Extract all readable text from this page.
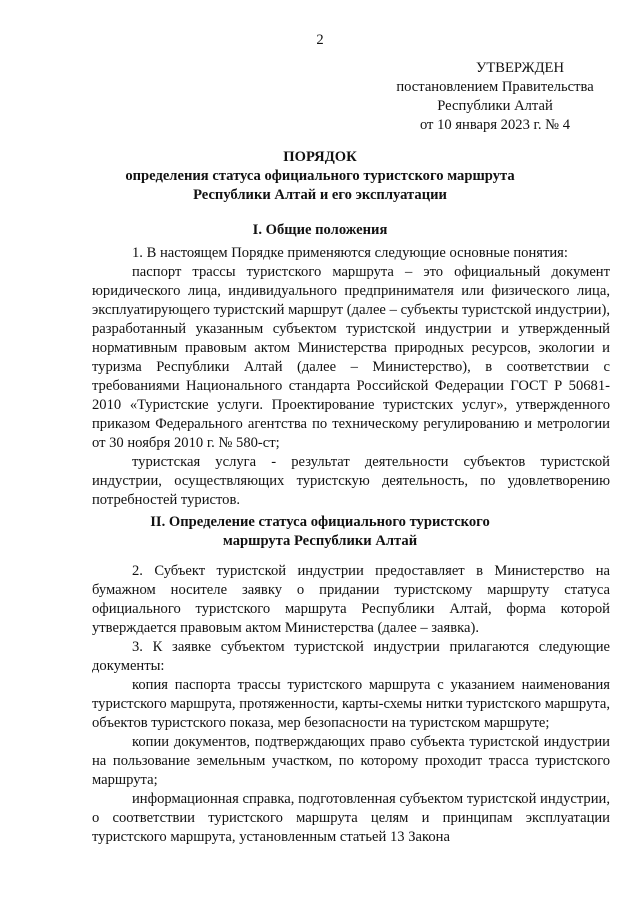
2
УТВЕРЖДЕН
постановлением Правительства
Республики Алтай
от 10 января 2023 г. № 4
ПОРЯДОК
определения статуса официального туристского маршрута
Республики Алтай и его эксплуатации
I. Общие положения

1. В настоящем Порядке применяются следующие основные понятия:

паспорт трассы туристского маршрута – это официальный документ юридического лица, индивидуального предпринимателя или физического лица, эксплуатирующего туристский маршрут (далее – субъекты туристской индустрии), разработанный указанным субъектом туристской индустрии и утвержденный нормативным правовым актом Министерства природных ресурсов, экологии и туризма Республики Алтай (далее – Министерство), в соответствии с требованиями Национального стандарта Российской Федерации ГОСТ Р 50681-2010 «Туристские услуги. Проектирование туристских услуг», утвержденного приказом Федерального агентства по техническому регулированию и метрологии от 30 ноября 2010 г. № 580-ст;

туристская услуга - результат деятельности субъектов туристской индустрии, осуществляющих туристскую деятельность, по удовлетворению потребностей туристов.

II. Определение статуса официального туристского
маршрута Республики Алтай

2. Субъект туристской индустрии предоставляет в Министерство на бумажном носителе заявку о придании туристскому маршруту статуса официального туристского маршрута Республики Алтай, форма которой утверждается правовым актом Министерства (далее – заявка).

3. К заявке субъектом туристской индустрии прилагаются следующие документы:

копия паспорта трассы туристского маршрута с указанием наименования туристского маршрута, протяженности, карты-схемы нитки туристского маршрута, объектов туристского показа, мер безопасности на туристском маршруте;

копии документов, подтверждающих право субъекта туристской индустрии на пользование земельным участком, по которому проходит трасса туристского маршрута;

информационная справка, подготовленная субъектом туристской индустрии, о соответствии туристского маршрута целям и принципам эксплуатации туристского маршрута, установленным статьей 13 Закона
